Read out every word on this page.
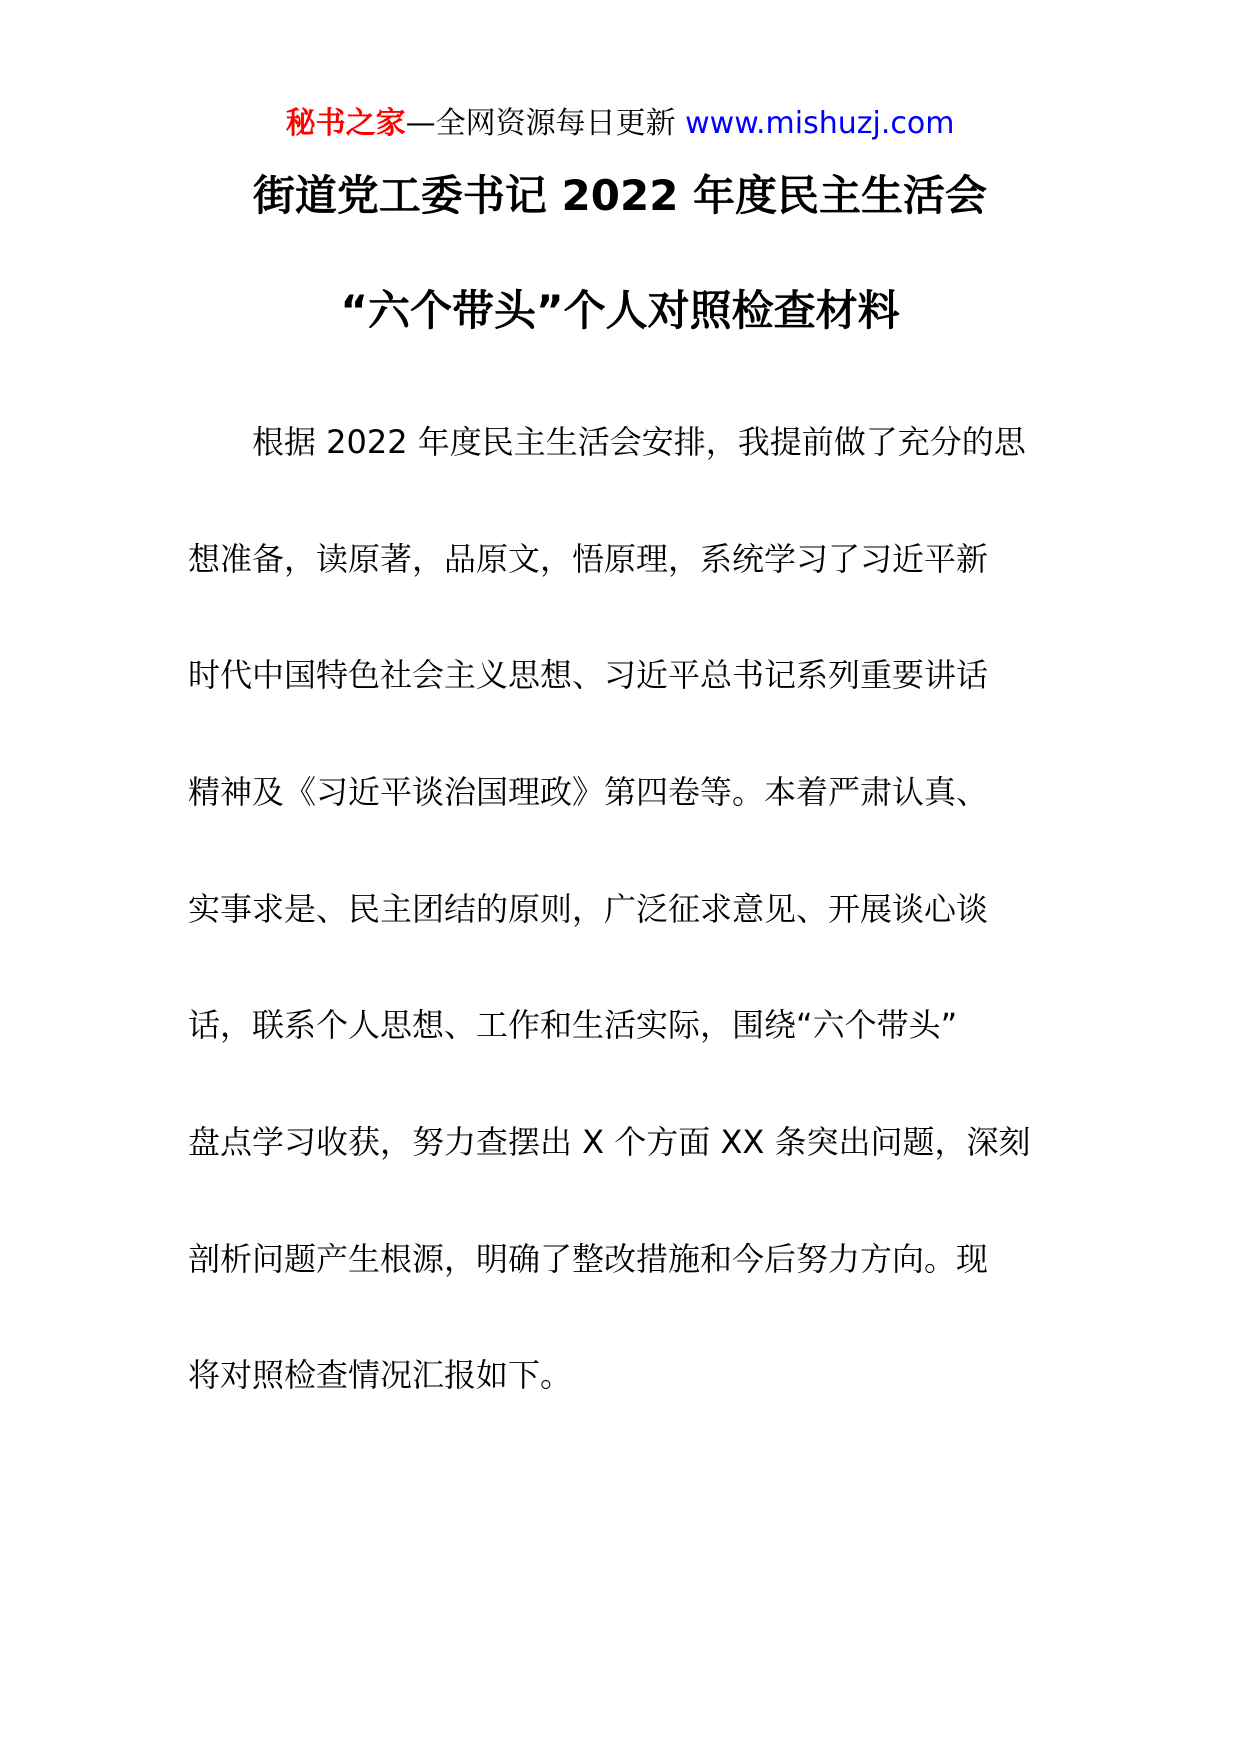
秘书之家—全网资源每日更新 www.mishuzj.com
街道党工委书记 2022 年度民主生活会
“六个带头”个人对照检查材料
根据 2022 年度民主生活会安排，我提前做了充分的思
想准备，读原著，品原文，悟原理，系统学习了习近平新
时代中国特色社会主义思想、习近平总书记系列重要讲话
精神及《习近平谈治国理政》第四卷等。本着严肃认真、
实事求是、民主团结的原则，广泛征求意见、开展谈心谈
话，联系个人思想、工作和生活实际，围绕“六个带头”
盘点学习收获，努力查摆出 X 个方面 XX 条突出问题，深刻
剖析问题产生根源，明确了整改措施和今后努力方向。现
将对照检查情况汇报如下。
